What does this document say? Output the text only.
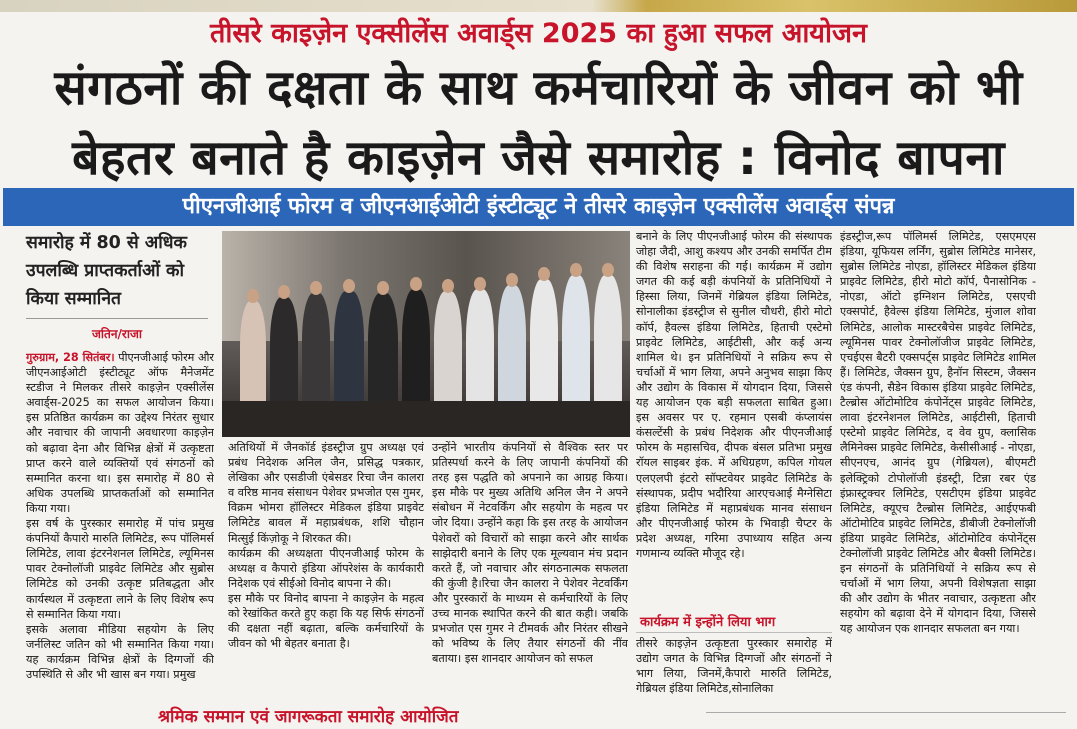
तीसरे काइज़ेन एक्सीलेंस अवार्ड्स 2025 का हुआ सफल आयोजन
संगठनों की दक्षता के साथ कर्मचारियों के जीवन को भी
बेहतर बनाते है काइज़ेन जैसे समारोह : विनोद बापना
पीएनजीआई फोरम व जीएनआईओटी इंस्टीट्यूट ने तीसरे काइज़ेन एक्सीलेंस अवार्ड्स संपन्न
समारोह में 80 से अधिक उपलब्धि प्राप्तकर्ताओं को किया सम्मानित
जतिन/राजा

गुरुग्राम, 28 सितंबर। पीएनजीआई फोरम और जीएनआईओटी इंस्टीट्यूट ऑफ मैनेजमेंट स्टडीज ने मिलकर तीसरे काइज़ेन एक्सीलेंस अवार्ड्स-2025 का सफल आयोजन किया। इस प्रतिष्ठित कार्यक्रम का उद्देश्य निरंतर सुधार और नवाचार की जापानी अवधारणा काइज़ेन को बढ़ावा देना और विभिन्न क्षेत्रों में उत्कृष्टता प्राप्त करने वाले व्यक्तियों एवं संगठनों को सम्मानित करना था। इस समारोह में 80 से अधिक उपलब्धि प्राप्तकर्ताओं को सम्मानित किया गया।

इस वर्ष के पुरस्कार समारोह में पांच प्रमुख कंपनियों कैपारो मारुति लिमिटेड, रूप पॉलिमर्स लिमिटेड, लावा इंटरनेशनल लिमिटेड, ल्यूमिनस पावर टेक्नोलॉजी प्राइवेट लिमिटेड और सुब्रोस लिमिटेड को उनकी उत्कृष्ट प्रतिबद्धता और कार्यस्थल में उत्कृष्टता लाने के लिए विशेष रूप से सम्मानित किया गया।

इसके अलावा मीडिया सहयोग के लिए जर्नलिस्ट जतिन को भी सम्मानित किया गया। यह कार्यक्रम विभिन्न क्षेत्रों के दिग्गजों की उपस्थिति से और भी खास बन गया। प्रमुख

अतिथियों में जैनकॉर्ड इंडस्ट्रीज ग्रुप अध्यक्ष एवं प्रबंध निदेशक अनिल जैन, प्रसिद्ध पत्रकार, लेखिका और एसडीजी एंबेसडर रिचा जैन कालरा व वरिष्ठ मानव संसाधन पेशेवर प्रभजोत एस गुमर, विक्रम भोमरा हॉलिस्टर मेडिकल इंडिया प्राइवेट लिमिटेड बावल में महाप्रबंधक, शशि चौहान मित्सुई किंज़ोकू ने शिरकत की।

कार्यक्रम की अध्यक्षता पीएनजीआई फोरम के अध्यक्ष व कैपारो इंडिया ऑपरेशंस के कार्यकारी निदेशक एवं सीईओ विनोद बापना ने की।

इस मौके पर विनोद बापना ने काइज़ेन के महत्व को रेखांकित करते हुए कहा कि यह सिर्फ संगठनों की दक्षता नहीं बढ़ाता, बल्कि कर्मचारियों के जीवन को भी बेहतर बनाता है।

उन्होंने भारतीय कंपनियों से वैश्विक स्तर पर प्रतिस्पर्धा करने के लिए जापानी कंपनियों की तरह इस पद्धति को अपनाने का आग्रह किया। इस मौके पर मुख्य अतिथि अनिल जैन ने अपने संबोधन में नेटवर्किंग और सहयोग के महत्व पर जोर दिया। उन्होंने कहा कि इस तरह के आयोजन पेशेवरों को विचारों को साझा करने और सार्थक साझेदारी बनाने के लिए एक मूल्यवान मंच प्रदान करते हैं, जो नवाचार और संगठनात्मक सफलता की कुंजी है।रिचा जैन कालरा ने पेशेवर नेटवर्किंग और पुरस्कारों के माध्यम से कर्मचारियों के लिए उच्च मानक स्थापित करने की बात कही। जबकि प्रभजोत एस गुमर ने टीमवर्क और निरंतर सीखने को भविष्य के लिए तैयार संगठनों की नींव बताया। इस शानदार आयोजन को सफल

बनाने के लिए पीएनजीआई फोरम की संस्थापक जोहा जैदी, आशु कश्यप और उनकी समर्पित टीम की विशेष सराहना की गई। कार्यक्रम में उद्योग जगत की कई बड़ी कंपनियों के प्रतिनिधियों ने हिस्सा लिया, जिनमें गेब्रियल इंडिया लिमिटेड, सोनालीका इंडस्ट्रीज से सुनील चौधरी, हीरो मोटो कॉर्प, हैवल्स इंडिया लिमिटेड, हिताची एस्टेमो प्राइवेट लिमिटेड, आईटीसी, और कई अन्य शामिल थे। इन प्रतिनिधियों ने सक्रिय रूप से चर्चाओं में भाग लिया, अपने अनुभव साझा किए और उद्योग के विकास में योगदान दिया, जिससे यह आयोजन एक बड़ी सफलता साबित हुआ। इस अवसर पर ए. रहमान एसबी कंप्लायंस कंसल्टेंसी के प्रबंध निदेशक और पीएनजीआई फोरम के महासचिव, दीपक बंसल प्रतिभा प्रमुख रॉयल साइबर इंक. में अधिग्रहण, कपिल गोयल एलएलपी इंटरो सॉफ्टवेयर प्राइवेट लिमिटेड के संस्थापक, प्रदीप भदौरिया आरएचआई मैग्नेसिटा इंडिया लिमिटेड में महाप्रबंधक मानव संसाधन और पीएनजीआई फोरम के भिवाड़ी चैप्टर के प्रदेश अध्यक्ष, गरिमा उपाध्याय सहित अन्य गणमान्य व्यक्ति मौजूद रहे।

कार्यक्रम में इन्होंने लिया भाग

तीसरे काइज़ेन उत्कृष्टता पुरस्कार समारोह में उद्योग जगत के विभिन्न दिग्गजों और संगठनों ने भाग लिया, जिनमें,कैपारो मारुति लिमिटेड, गेब्रियल इंडिया लिमिटेड,सोनालिका

इंडस्ट्रीज,रूप पॉलिमर्स लिमिटेड, एसएमएस इंडिया, यूफियस लर्निंग, सुब्रोस लिमिटेड मानेसर, सुब्रोस लिमिटेड नोएडा, हॉलिस्टर मेडिकल इंडिया प्राइवेट लिमिटेड, हीरो मोटो कॉर्प, पैनासोनिक - नोएडा, ऑटो इग्निशन लिमिटेड, एसएची एक्सपोर्ट, हैवेल्स इंडिया लिमिटेड, मुंजाल शोवा लिमिटेड, आलोक मास्टरबैचेस प्राइवेट लिमिटेड, ल्यूमिनस पावर टेक्नोलॉजीज प्राइवेट लिमिटेड, एचईएस बैटरी एक्सपर्ट्स प्राइवेट लिमिटेड शामिल हैं। लिमिटेड, जैक्सन ग्रुप, हैनॉन सिस्टम, जैक्सन एंड कंपनी, सैडेन विकास इंडिया प्राइवेट लिमिटेड, टैल्ब्रोस ऑटोमोटिव कंपोनेंट्स प्राइवेट लिमिटेड, लावा इंटरनेशनल लिमिटेड, आईटीसी, हिताची एस्टेमो प्राइवेट लिमिटेड, द वेव ग्रुप, क्लासिक लैमिनेक्स प्राइवेट लिमिटेड, केसीसीआई - नोएडा, सीएनएच, आनंद ग्रुप (गेब्रियल), बीएमटी इलेक्ट्रिको टोपोलॉजी इंडस्ट्री, टिन्ना रबर एंड इंफ्रास्ट्रक्चर लिमिटेड, एसटीएम इंडिया प्राइवेट लिमिटेड, क्यूएच टैल्ब्रोस लिमिटेड, आईएफबी ऑटोमोटिव प्राइवेट लिमिटेड, डीबीजी टेक्नोलॉजी इंडिया प्राइवेट लिमिटेड, ऑटोमोटिव कंपोनेंट्स टेक्नोलॉजी प्राइवेट लिमिटेड और बैक्सी लिमिटेड। इन संगठनों के प्रतिनिधियों ने सक्रिय रूप से चर्चाओं में भाग लिया, अपनी विशेषज्ञता साझा की और उद्योग के भीतर नवाचार, उत्कृष्टता और सहयोग को बढ़ावा देने में योगदान दिया, जिससे यह आयोजन एक शानदार सफलता बन गया।

श्रमिक सम्मान एवं जागरूकता समारोह आयोजित
